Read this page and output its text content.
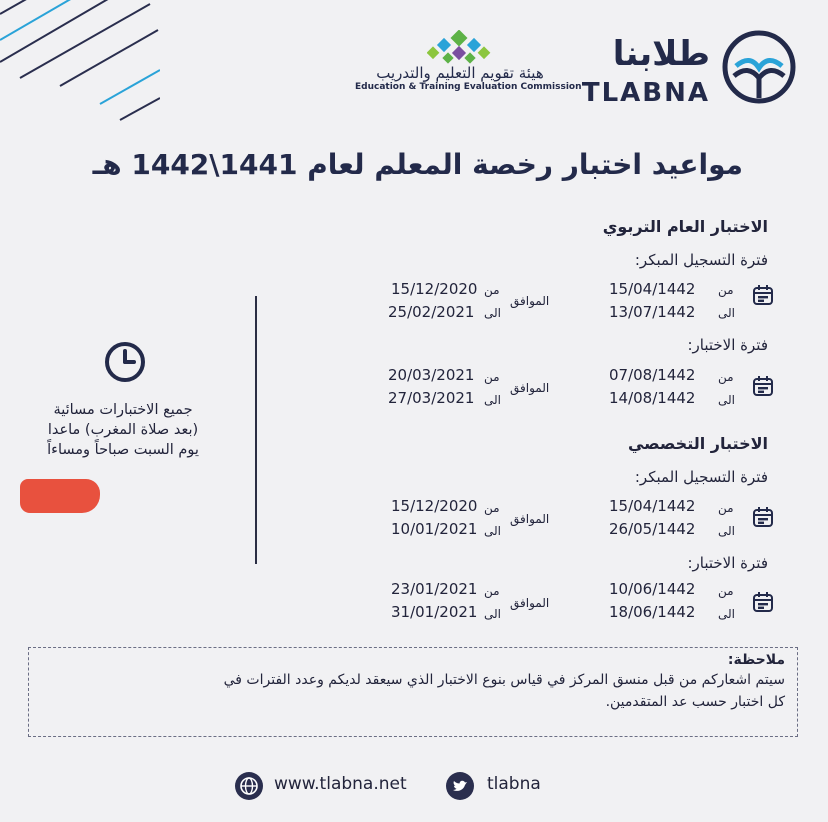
طلابنا
TLABNA
هيئة تقويم التعليم والتدريب
Education & Training Evaluation Commission
مواعيد اختبار رخصة المعلم لعام 1441\1442 هـ
الاختبار العام التربوي
فترة التسجيل المبكر:
من
الى
15/04/1442
13/07/1442
الموافق
من
الى
15/12/2020
25/02/2021
فترة الاختبار:
من
الى
07/08/1442
14/08/1442
الموافق
من
الى
20/03/2021
27/03/2021
الاختبار التخصصي
فترة التسجيل المبكر:
من
الى
15/04/1442
26/05/1442
الموافق
من
الى
15/12/2020
10/01/2021
فترة الاختبار:
من
الى
10/06/1442
18/06/1442
الموافق
من
الى
23/01/2021
31/01/2021
جميع الاختبارات مسائية
(بعد صلاة المغرب) ماعدا
يوم السبت صباحاً ومساءاً
ملاحظة:
سيتم اشعاركم من قبل منسق المركز في قياس بنوع الاختبار الذي سيعقد لديكم وعدد الفترات في
كل اختبار حسب عد المتقدمين.
www.tlabna.net	tlabna
